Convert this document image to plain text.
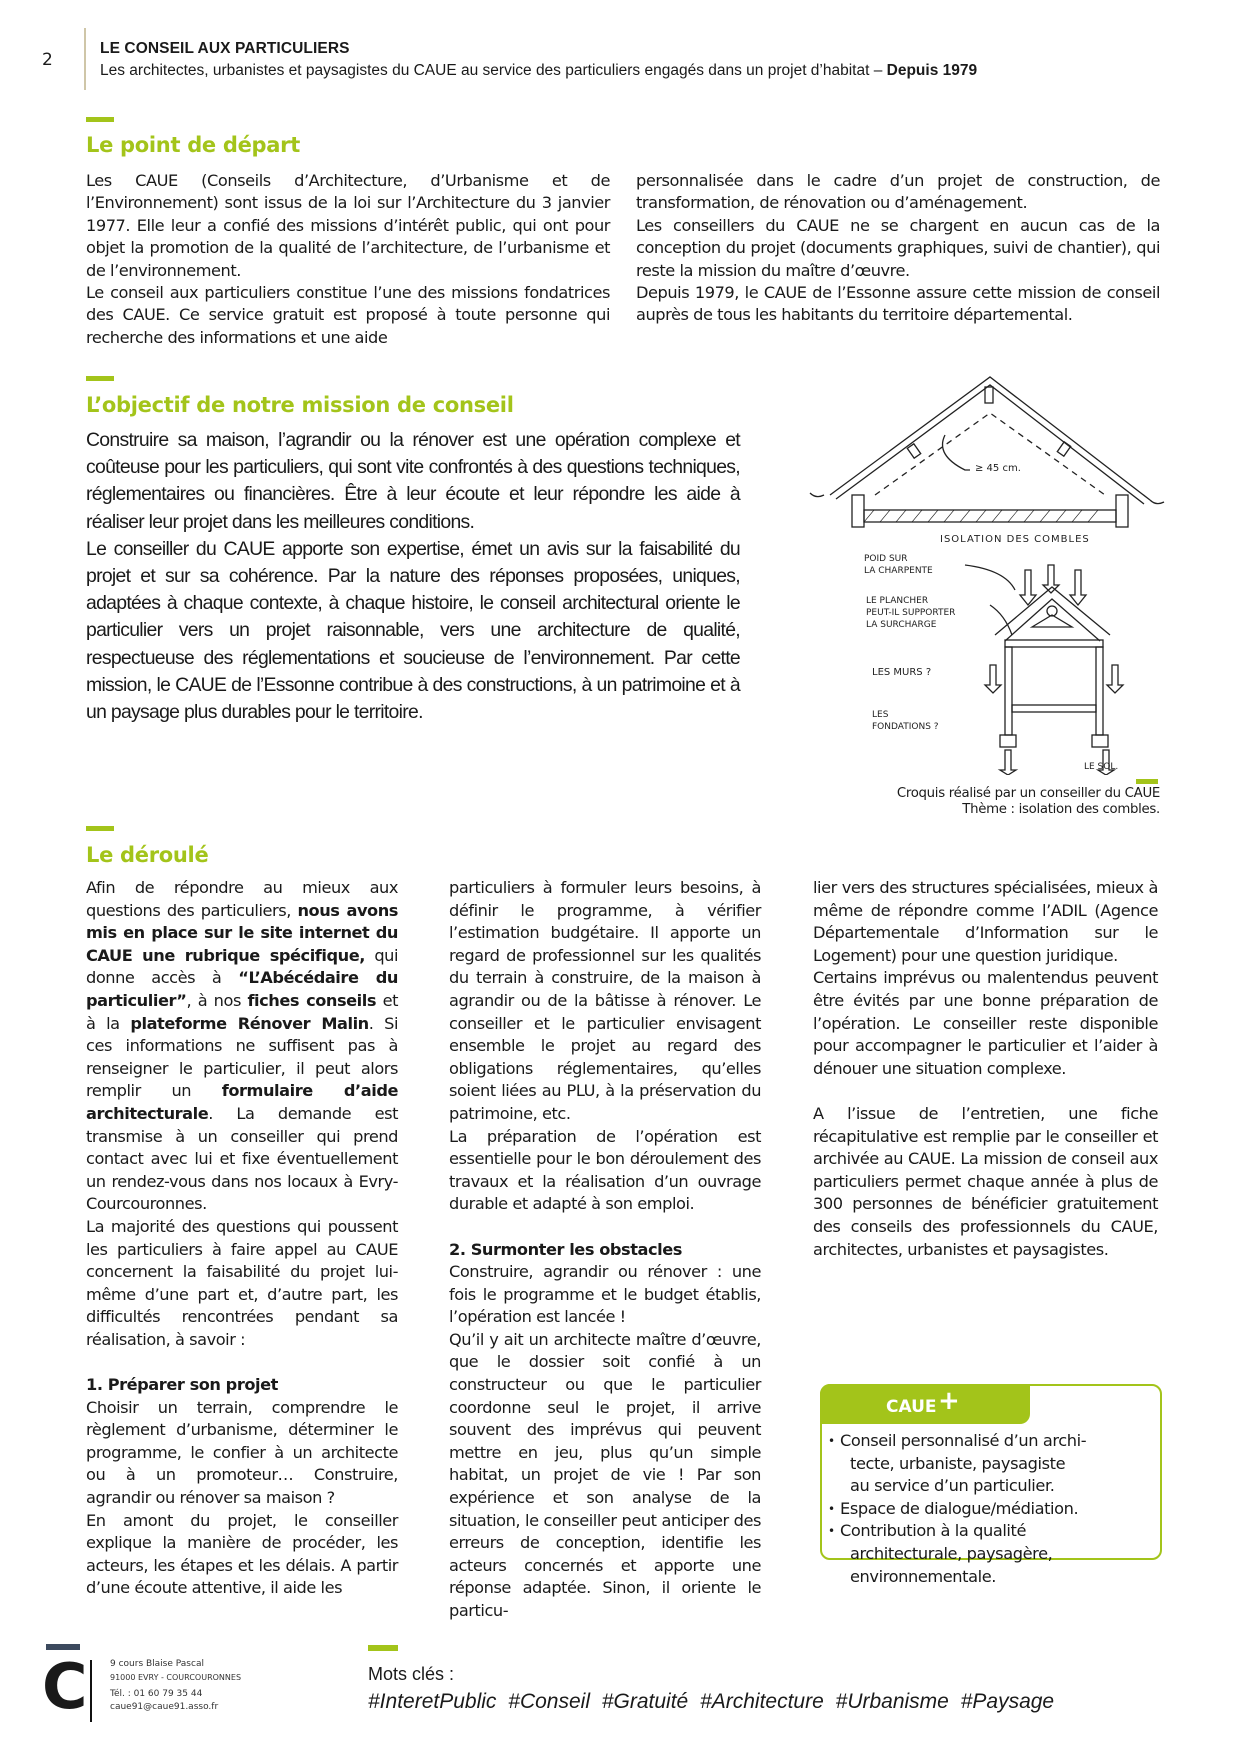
2
LE CONSEIL AUX PARTICULIERS
Les architectes, urbanistes et paysagistes du CAUE au service des particuliers engagés dans un projet d’habitat – Depuis 1979
Le point de départ

Les CAUE (Conseils d’Architecture, d’Urbanisme et de l’Environnement) sont issus de la loi sur l’Architecture du 3 janvier 1977. Elle leur a confié des missions d’intérêt public, qui ont pour objet la promotion de la qualité de l’architecture, de l’urbanisme et de l’environnement.

Le conseil aux particuliers constitue l’une des missions fondatrices des CAUE. Ce service gratuit est proposé à toute personne qui recherche des informations et une aide

personnalisée dans le cadre d’un projet de construction, de transformation, de rénovation ou d’aménagement.

Les conseillers du CAUE ne se chargent en aucun cas de la conception du projet (documents graphiques, suivi de chantier), qui reste la mission du maître d’œuvre.

Depuis 1979, le CAUE de l’Essonne assure cette mission de conseil auprès de tous les habitants du territoire départemental.

L’objectif de notre mission de conseil

Construire sa maison, l’agrandir ou la rénover est une opération complexe et coûteuse pour les particuliers, qui sont vite confrontés à des questions techniques, réglementaires ou financières. Être à leur écoute et leur répondre les aide à réaliser leur projet dans les meilleures conditions.

Le conseiller du CAUE apporte son expertise, émet un avis sur la faisabilité du projet et sur sa cohérence. Par la nature des réponses proposées, uniques, adaptées à chaque contexte, à chaque histoire, le conseil architectural oriente le particulier vers un projet raisonnable, vers une architecture de qualité, respectueuse des réglementations et soucieuse de l’environnement. Par cette mission, le CAUE de l’Essonne contribue à des constructions, à un patrimoine et à un paysage plus durables pour le territoire.

≥ 45 cm.
ISOLATION DES COMBLES
POID SUR
LA CHARPENTE
LE PLANCHER
PEUT-IL SUPPORTER
LA SURCHARGE
LES MURS ?
LES
FONDATIONS ?
LE SOL.
Croquis réalisé par un conseiller du CAUE
Thème : isolation des combles.
Le déroulé

Afin de répondre au mieux aux questions des particuliers, nous avons mis en place sur le site internet du CAUE une rubrique spécifique, qui donne accès à “L’Abécédaire du particulier”, à nos fiches conseils et à la plateforme Rénover Malin. Si ces informations ne suffisent pas à renseigner le particulier, il peut alors remplir un formulaire d’aide architecturale. La demande est transmise à un conseiller qui prend contact avec lui et fixe éventuellement un rendez-vous dans nos locaux à Evry-Courcouronnes.

La majorité des questions qui poussent les particuliers à faire appel au CAUE concernent la faisabilité du projet lui-même d’une part et, d’autre part, les difficultés rencontrées pendant sa réalisation, à savoir :

1. Préparer son projet

Choisir un terrain, comprendre le règlement d’urbanisme, déterminer le programme, le confier à un architecte ou à un promoteur… Construire, agrandir ou rénover sa maison ?

En amont du projet, le conseiller explique la manière de procéder, les acteurs, les étapes et les délais. A partir d’une écoute attentive, il aide les

particuliers à formuler leurs besoins, à définir le programme, à vérifier l’estimation budgétaire. Il apporte un regard de professionnel sur les qualités du terrain à construire, de la maison à agrandir ou de la bâtisse à rénover. Le conseiller et le particulier envisagent ensemble le projet au regard des obligations réglementaires, qu’elles soient liées au PLU, à la préservation du patrimoine, etc.

La préparation de l’opération est essentielle pour le bon déroulement des travaux et la réalisation d’un ouvrage durable et adapté à son emploi.

2. Surmonter les obstacles

Construire, agrandir ou rénover : une fois le programme et le budget établis, l’opération est lancée !

Qu’il y ait un architecte maître d’œuvre, que le dossier soit confié à un constructeur ou que le particulier coordonne seul le projet, il arrive souvent des imprévus qui peuvent mettre en jeu, plus qu’un simple habitat, un projet de vie ! Par son expérience et son analyse de la situation, le conseiller peut anticiper des erreurs de conception, identifie les acteurs concernés et apporte une réponse adaptée. Sinon, il oriente le particu-

lier vers des structures spécialisées, mieux à même de répondre comme l’ADIL (Agence Départementale d’Information sur le Logement) pour une question juridique.

Certains imprévus ou malentendus peuvent être évités par une bonne préparation de l’opération. Le conseiller reste disponible pour accompagner le particulier et l’aider à dénouer une situation complexe.

A l’issue de l’entretien, une fiche récapitulative est remplie par le conseiller et archivée au CAUE. La mission de conseil aux particuliers permet chaque année à plus de 300 personnes de bénéficier gratuitement des conseils des professionnels du CAUE, architectes, urbanistes et paysagistes.

CAUE +
• Conseil personnalisé d’un archi-
tecte, urbaniste, paysagiste
au service d’un particulier.
• Espace de dialogue/médiation.
• Contribution à la qualité
architecturale, paysagère,
environnementale.
C 9 cours Blaise Pascal
91000 EVRY - COURCOURONNES
Tél. : 01 60 79 35 44
caue91@caue91.asso.fr
Mots clés :
#InteretPublic #Conseil #Gratuité #Architecture #Urbanisme #Paysage
